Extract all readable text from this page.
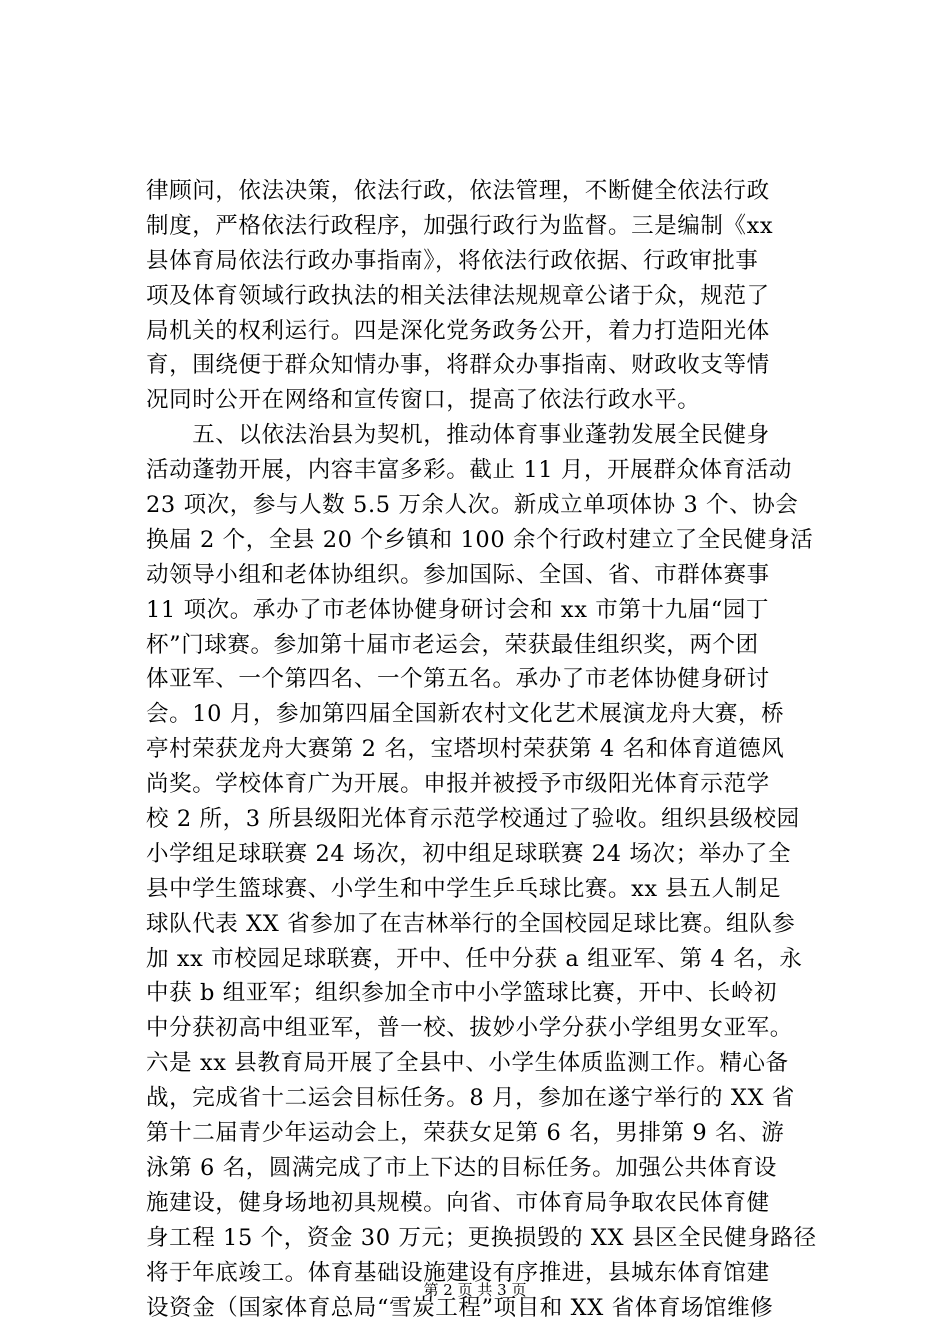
律顾问，依法决策，依法行政，依法管理，不断健全依法行政
制度，严格依法行政程序，加强行政行为监督。三是编制《xx
县体育局依法行政办事指南》，将依法行政依据、行政审批事
项及体育领域行政执法的相关法律法规规章公诸于众，规范了
局机关的权利运行。四是深化党务政务公开，着力打造阳光体
育，围绕便于群众知情办事，将群众办事指南、财政收支等情
况同时公开在网络和宣传窗口，提高了依法行政水平。
　　五、以依法治县为契机，推动体育事业蓬勃发展全民健身
活动蓬勃开展，内容丰富多彩。截止 11 月，开展群众体育活动
23 项次，参与人数 5.5 万余人次。新成立单项体协 3 个、协会
换届 2 个，全县 20 个乡镇和 100 余个行政村建立了全民健身活
动领导小组和老体协组织。参加国际、全国、省、市群体赛事
11 项次。承办了市老体协健身研讨会和 xx 市第十九届“园丁
杯”门球赛。参加第十届市老运会，荣获最佳组织奖，两个团
体亚军、一个第四名、一个第五名。承办了市老体协健身研讨
会。10 月，参加第四届全国新农村文化艺术展演龙舟大赛，桥
亭村荣获龙舟大赛第 2 名，宝塔坝村荣获第 4 名和体育道德风
尚奖。学校体育广为开展。申报并被授予市级阳光体育示范学
校 2 所，3 所县级阳光体育示范学校通过了验收。组织县级校园
小学组足球联赛 24 场次，初中组足球联赛 24 场次；举办了全
县中学生篮球赛、小学生和中学生乒乓球比赛。xx 县五人制足
球队代表 XX 省参加了在吉林举行的全国校园足球比赛。组队参
加 xx 市校园足球联赛，开中、任中分获 a 组亚军、第 4 名，永
中获 b 组亚军；组织参加全市中小学篮球比赛，开中、长岭初
中分获初高中组亚军，普一校、拔妙小学分获小学组男女亚军。
六是 xx 县教育局开展了全县中、小学生体质监测工作。精心备
战，完成省十二运会目标任务。8 月，参加在遂宁举行的 XX 省
第十二届青少年运动会上，荣获女足第 6 名，男排第 9 名、游
泳第 6 名，圆满完成了市上下达的目标任务。加强公共体育设
施建设，健身场地初具规模。向省、市体育局争取农民体育健
身工程 15 个，资金 30 万元；更换损毁的 XX 县区全民健身路径
将于年底竣工。体育基础设施建设有序推进，县城东体育馆建
设资金（国家体育总局“雪炭工程”项目和 XX 省体育场馆维修
第 2 页 共 3 页
